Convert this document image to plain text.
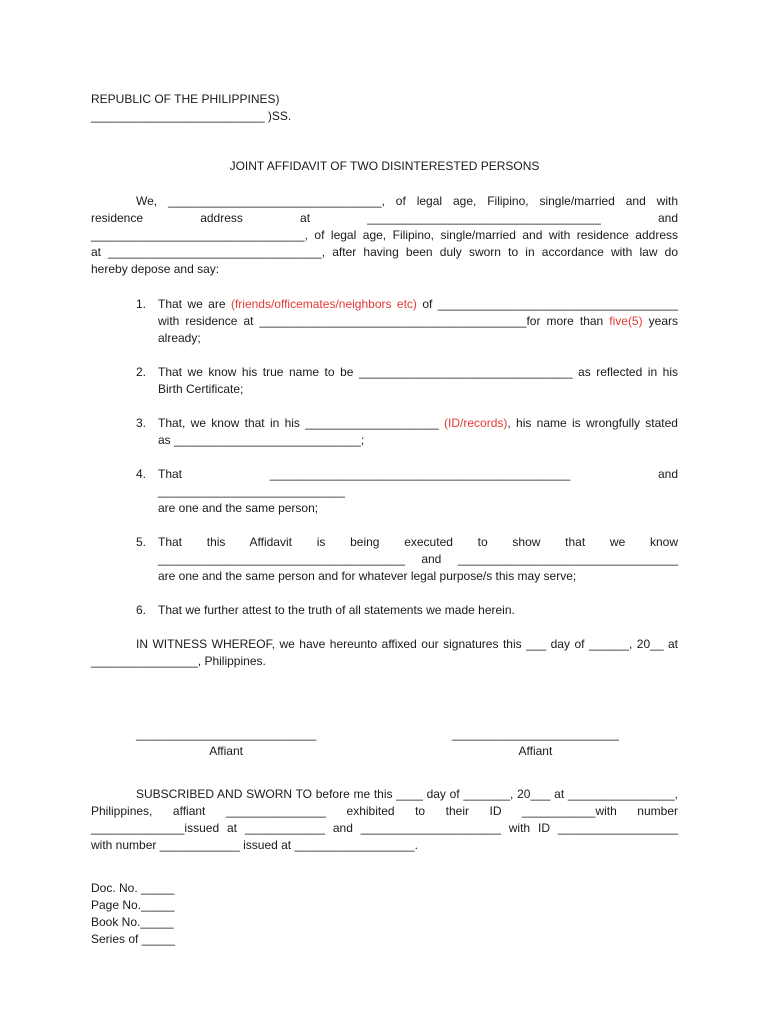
REPUBLIC OF THE PHILIPPINES)
__________________________ )SS.
JOINT AFFIDAVIT OF TWO DISINTERESTED PERSONS
We, ________________________________, of legal age, Filipino, single/married and with
residence	address	at	___________________________________	and
________________________________, of legal age, Filipino, single/married and with residence address
at ________________________________, after having been duly sworn to in accordance with law do
hereby depose and say:
1. That we are (friends/officemates/neighbors etc) of ____________________________________
with residence at ________________________________________for more than five(5) years
already;
2. That we know his true name to be ________________________________ as reflected in his
Birth Certificate;
3. That, we know that in his ____________________ (ID/records), his name is wrongfully stated
as ____________________________;
4. That _____________________________________________ and ____________________________
are one and the same person;
5. That this Affidavit is being executed to show that we know
_____________________________________ and _________________________________
are one and the same person and for whatever legal purpose/s this may serve;
6. That we further attest to the truth of all statements we made herein.
IN WITNESS WHEREOF, we have hereunto affixed our signatures this ___ day of ______, 20__ at
________________, Philippines.
___________________________
Affiant
_________________________
Affiant
SUBSCRIBED AND SWORN TO before me this ____ day of _______, 20___ at ________________,
Philippines, affiant _______________ exhibited to their ID ___________with number
______________issued at ____________ and _____________________ with ID __________________
with number ____________ issued at __________________.
Doc. No. _____
Page No._____
Book No._____
Series of _____
